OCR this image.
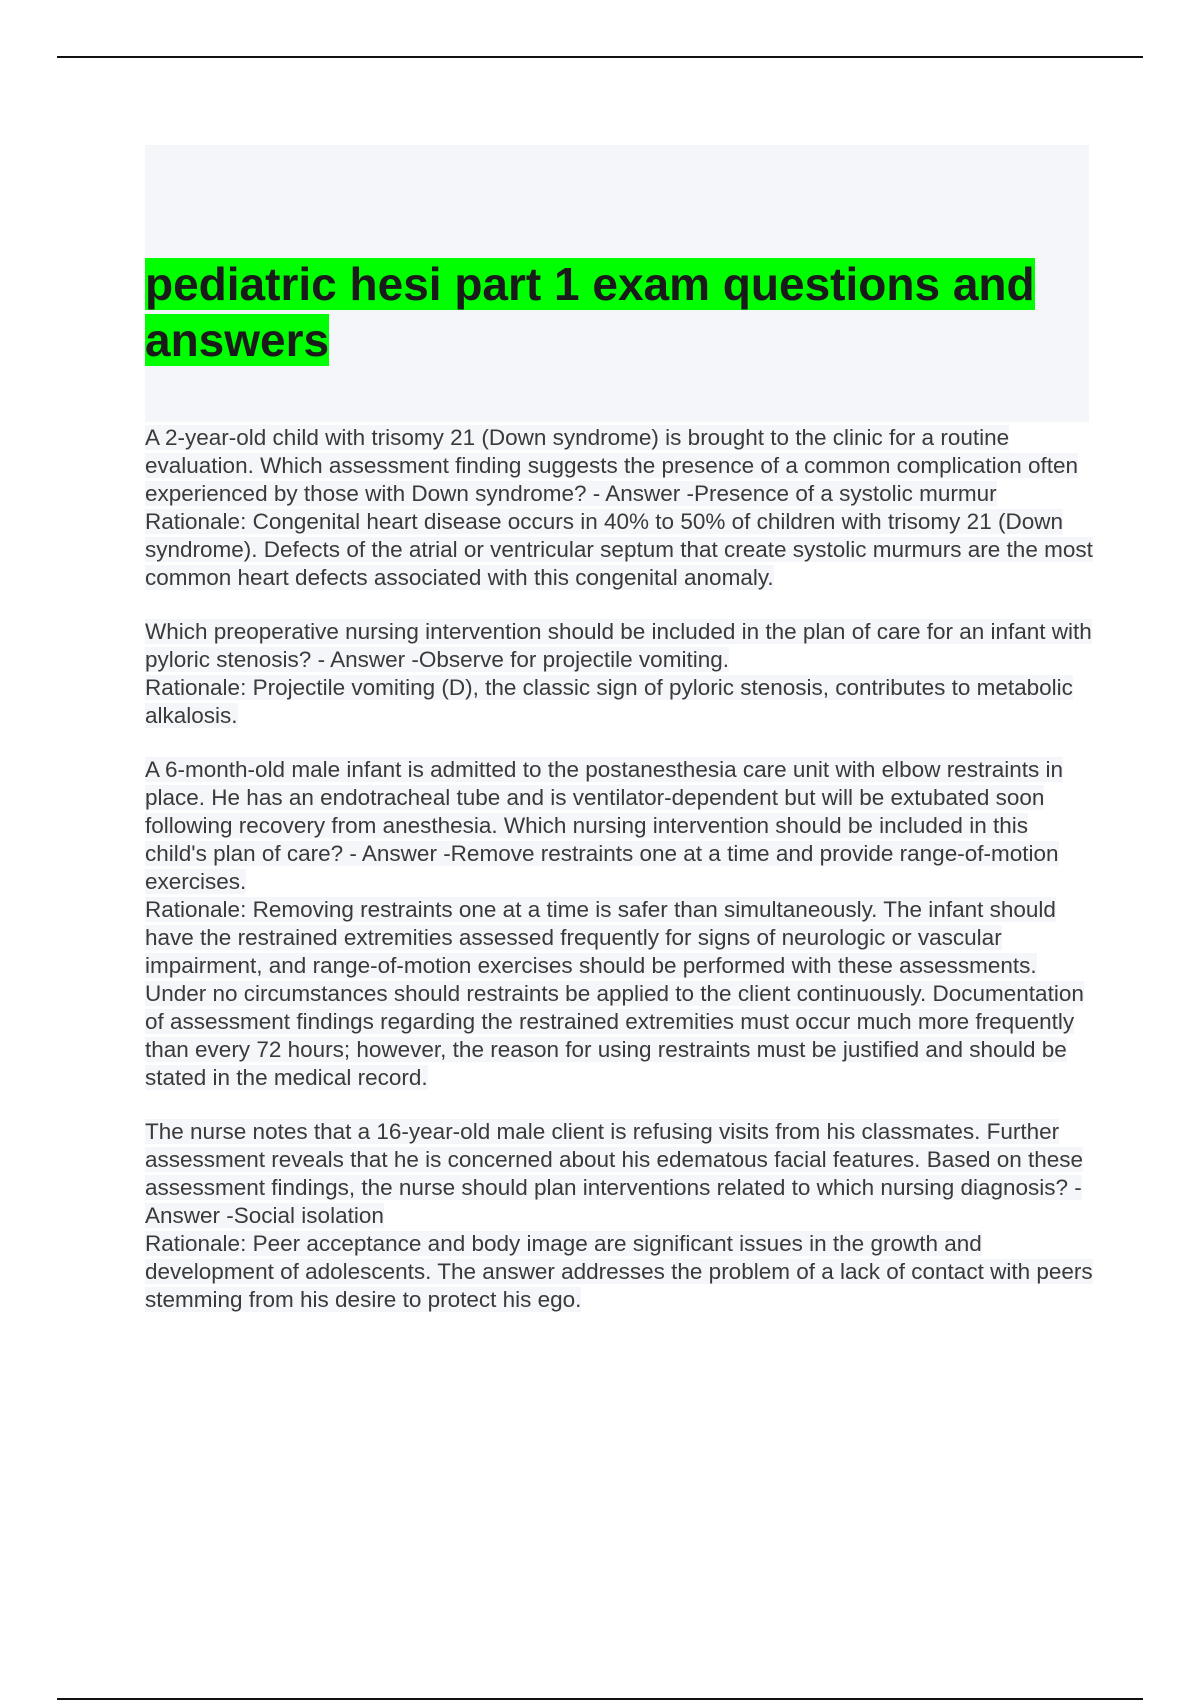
pediatric hesi part 1 exam questions and answers

A 2-year-old child with trisomy 21 (Down syndrome) is brought to the clinic for a routine evaluation. Which assessment finding suggests the presence of a common complication often experienced by those with Down syndrome? - Answer -Presence of a systolic murmur

Rationale: Congenital heart disease occurs in 40% to 50% of children with trisomy 21 (Down syndrome). Defects of the atrial or ventricular septum that create systolic murmurs are the most common heart defects associated with this congenital anomaly.

Which preoperative nursing intervention should be included in the plan of care for an infant with pyloric stenosis? - Answer -Observe for projectile vomiting.

Rationale: Projectile vomiting (D), the classic sign of pyloric stenosis, contributes to metabolic alkalosis.

A 6-month-old male infant is admitted to the postanesthesia care unit with elbow restraints in place. He has an endotracheal tube and is ventilator-dependent but will be extubated soon following recovery from anesthesia. Which nursing intervention should be included in this child's plan of care? - Answer -Remove restraints one at a time and provide range-of-motion exercises.

Rationale: Removing restraints one at a time is safer than simultaneously. The infant should have the restrained extremities assessed frequently for signs of neurologic or vascular impairment, and range-of-motion exercises should be performed with these assessments. Under no circumstances should restraints be applied to the client continuously. Documentation of assessment findings regarding the restrained extremities must occur much more frequently than every 72 hours; however, the reason for using restraints must be justified and should be stated in the medical record.

The nurse notes that a 16-year-old male client is refusing visits from his classmates. Further assessment reveals that he is concerned about his edematous facial features. Based on these assessment findings, the nurse should plan interventions related to which nursing diagnosis? - Answer -Social isolation

Rationale: Peer acceptance and body image are significant issues in the growth and development of adolescents. The answer addresses the problem of a lack of contact with peers stemming from his desire to protect his ego.
